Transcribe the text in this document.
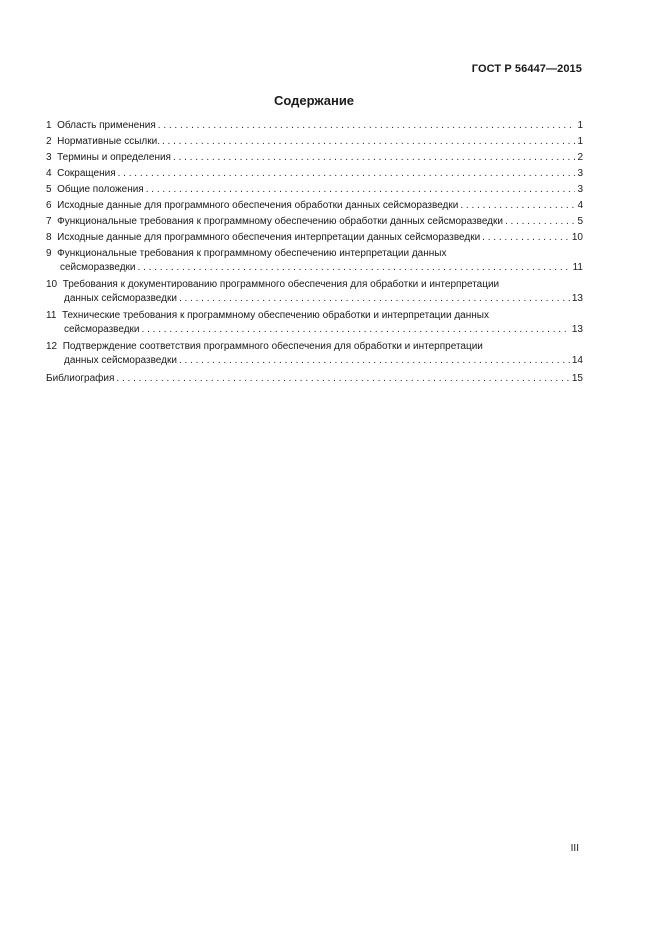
ГОСТ Р 56447—2015
Содержание
1 Область применения . . .	1
2 Нормативные ссылки. . . .	1
3 Термины и определения . . .	2
4 Сокращения . . .	3
5 Общие положения . . .	3
6 Исходные данные для программного обеспечения обработки данных сейсморазведки . . .	4
7 Функциональные требования к программному обеспечению обработки данных сейсморазведки . . .	5
8 Исходные данные для программного обеспечения интерпретации данных сейсморазведки . . .	10
9 Функциональные требования к программному обеспечению интерпретации данных
сейсморазведки . . .	11
10 Требования к документированию программного обеспечения для обработки и интерпретации
данных сейсморазведки . . .	13
11 Технические требования к программному обеспечению обработки и интерпретации данных
сейсморазведки . . .	13
12 Подтверждение соответствия программного обеспечения для обработки и интерпретации
данных сейсморазведки . . .	14
Библиография . . .	15
III
